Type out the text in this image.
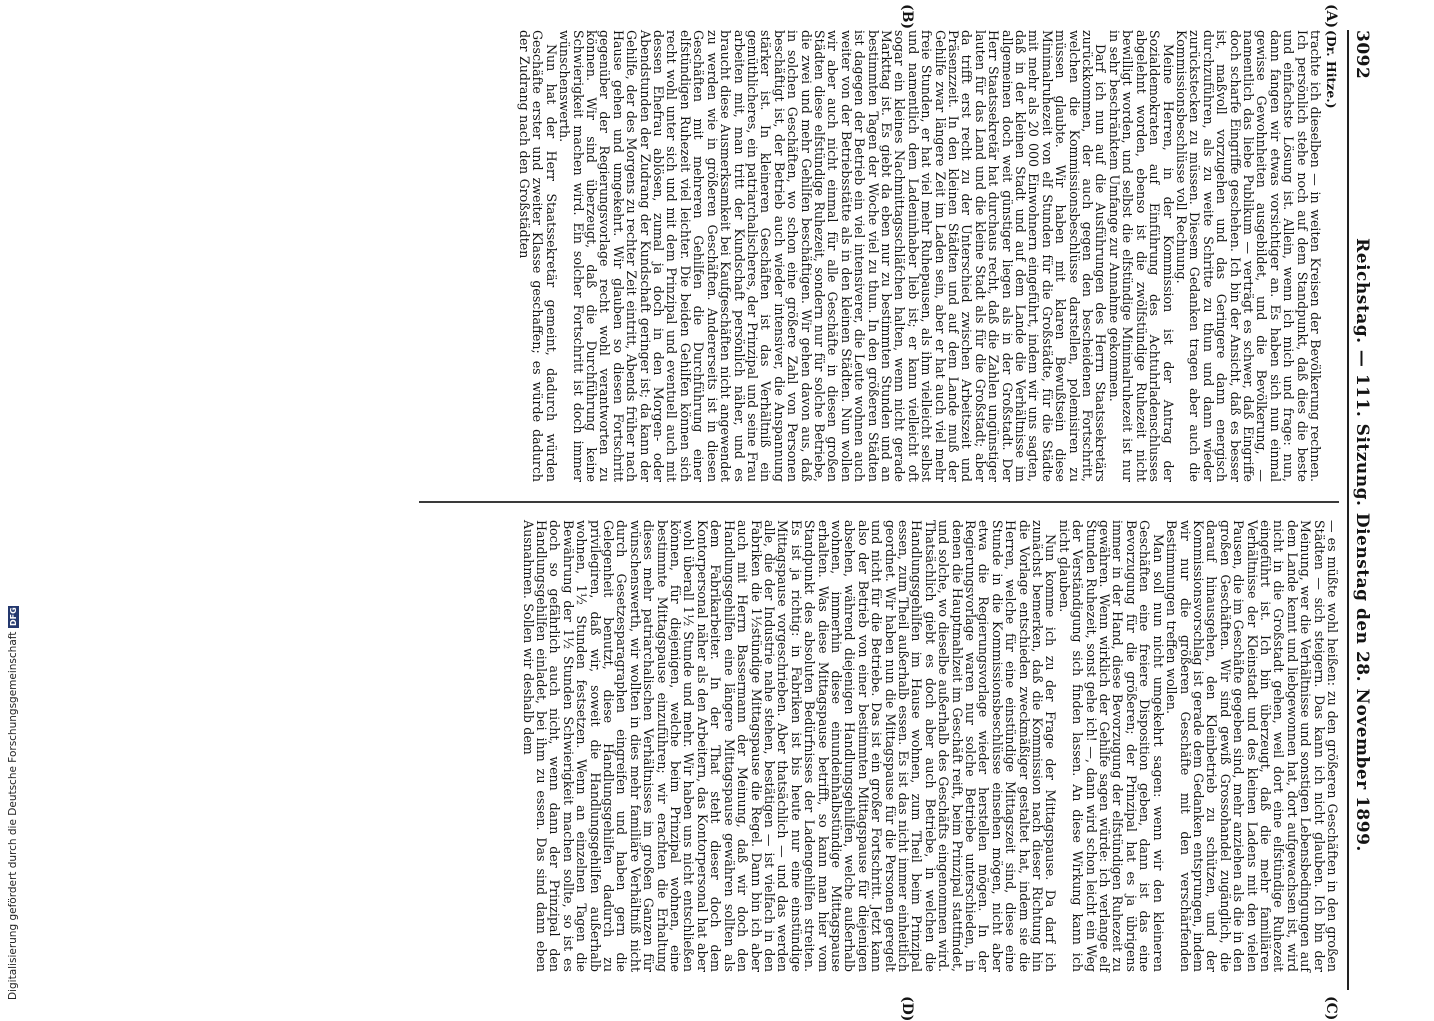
Digitalisierung gefördert durch die Deutsche Forschungsgemeinschaft
DFG
3092
Reichstag. — 111. Sitzung. Dienstag den 28. November 1899.
(A)
(B)
(C)
(D)
(Dr. Hitze.)

trachte ich dieselben — in weiten Kreisen der Bevölkerung rechnen. Ich persönlich stehe noch auf dem Standpunkt, daß dies die beste und einfachste Lösung ist. Allein, wenn ich mich und frage: nun, dann fangen wir etwas vorsichtiger an. Es haben sich nun einmal gewisse Gewohnheiten ausgebildet, und die Bevölkerung, — namentlich das liebe Publikum — verträgt es schwer, daß Eingriffe doch scharfe Eingriffe geschehen. Ich bin der Ansicht, daß es besser ist, maßvoll vorzugehen und das Geringere dann energisch durchzuführen, als zu weite Schritte zu thun und dann wieder zurückstecken zu müssen. Diesem Gedanken tragen aber auch die Kommissionsbeschlüsse voll Rechnung.

Meine Herren, in der Kommission ist der Antrag der Sozialdemokraten auf Einführung des Achtuhrladenschlusses abgelehnt worden, ebenso ist die zwölfstündige Ruhezeit nicht bewilligt worden, und selbst die elfstündige Minimalruhezeit ist nur in sehr beschränktem Umfange zur Annahme gekommen.

Darf ich nun auf die Ausführungen des Herrn Staatssekretärs zurückkommen, der auch gegen den bescheidenen Fortschritt, welchen die Kommissionsbeschlüsse darstellen, polemisiren zu müssen glaubte. Wir haben mit klaren Bewußtsein diese Minimalruhezeit von elf Stunden für die Großstädte, für die Städte mit mehr als 20 000 Einwohnern eingeführt, indem wir uns sagten, daß in der kleinen Stadt und auf dem Lande die Verhältnisse im allgemeinen doch weit günstiger liegen als in der Großstadt. Der Herr Staatssekretär hat durchaus recht, daß die Zahlen ungünstiger lauten für das Land und die kleine Stadt als für die Großstadt; aber da trifft erst recht zu der Unterschied zwischen Arbeitszeit und Präsenzzeit. In den kleinen Städten und auf dem Lande muß der Gehilfe zwar längere Zeit im Laden sein, aber er hat auch viel mehr freie Stunden, er hat viel mehr Ruhepausen, als ihm vielleicht selbst und namentlich dem Ladeninhaber lieb ist; er kann vielleicht oft sogar ein kleines Nachmittagsschläfchen halten, wenn nicht gerade Markttag ist. Es giebt da eben nur zu bestimmten Stunden und an bestimmten Tagen der Woche viel zu thun. In den größeren Städten ist dagegen der Betrieb ein viel intensiverer, die Leute wohnen auch weiter von der Betriebsstätte als in den kleinen Städten. Nun wollen wir aber auch nicht einmal für alle Geschäfte in diesen großen Städten diese elfstündige Ruhezeit, sondern nur für solche Betriebe, die zwei und mehr Gehilfen beschäftigen. Wir gehen davon aus, daß in solchen Geschäften, wo schon eine größere Zahl von Personen beschäftigt ist, der Betrieb auch wieder intensiver, die Anspannung stärker ist. In kleineren Geschäften ist das Verhältniß ein gemüthlicheres, ein patriarchalischeres, der Prinzipal und seine Frau arbeiten mit, man tritt der Kundschaft persönlich näher, und es braucht diese Ausmerksamkeit bei Kaufgeschäften nicht angewendet zu werden wie in größeren Geschäften. Andererseits ist in diesen Geschäften mit mehreren Gehilfen die Durchführung einer elfstündigen Ruhezeit viel leichter. Die beiden Gehilfen können sich recht wohl unter sich und mit dem Prinzipal und eventuell auch mit dessen Ehefrau ablösen, zumal ja doch in den Morgen- oder Abendstunden der Zudrang der Kundschaft geringer ist; da kann der Gehilfe, der des Morgens zu rechter Zeit eintritt, Abends früher nach Hause gehen und umgekehrt. Wir glauben so diesen Fortschritt gegenüber der Regierungsvorlage recht wohl verantworten zu können. Wir sind überzeugt, daß die Durchführung keine Schwierigkeit machen wird. Ein solcher Fortschritt ist doch immer wünschenswerth.

Nun hat der Herr Staatssekretär gemeint, dadurch würden Geschäfte erster und zweiter Klasse geschaffen; es würde dadurch der Zudrang nach den Großstädten

— es müßte wohl heißen: zu den größeren Geschäften in den großen Städten — sich steigern. Das kann ich nicht glauben. Ich bin der Meinung, wer die Verhältnisse und sonstigen Lebensbedingungen auf dem Lande kennt und liebgewonnen hat, dort aufgewachsen ist, wird nicht in die Großstadt gehen, weil dort eine elfstündige Ruhezeit eingeführt ist. Ich bin überzeugt, daß die mehr familiären Verhältnisse der Kleinstadt und des kleinen Ladens mit den vielen Pausen, die im Geschäfte gegeben sind, mehr anziehen als die in den großen Geschäften. Wir sind gewiß Grossohandel zugänglich, die darauf hinausgehen, den Kleinbetrieb zu schützen, und der Kommissionsvorschlag ist gerade dem Gedanken entsprungen, indem wir nur die größeren Geschäfte mit den verschärfenden Bestimmungen treffen wollen.

Man soll nun nicht umgekehrt sagen: wenn wir den kleineren Geschäften eine freiere Disposition geben, dann ist das eine Bevorzugung für die größeren; der Prinzipal hat es ja übrigens immer in der Hand, diese Bevorzugung der elfstündigen Ruhezeit zu gewähren. Wenn wirklich der Gehilfe sagen würde: ich verlange elf Stunden Ruhezeit, sonst gehe ich! —, dann wird schon leicht ein Weg der Verständigung sich finden lassen. An diese Wirkung kann ich nicht glauben.

Nun komme ich zu der Frage der Mittagspause. Da darf ich zunächst bemerken, daß die Kommission nach dieser Richtung hin die Vorlage entschieden zweckmäßiger gestaltet hat, indem sie die Herren, welche für eine einstündige Mittagszeit sind, diese eine Stunde in die Kommissionsbeschlüsse einsehen mögen, nicht aber etwa die Regierungsvorlage wieder herstellen mögen. In der Regierungsvorlage waren nur solche Betriebe unterschieden, in denen die Hauptmahlzeit im Geschäft reift, beim Prinzipal stattfindet, und solche, wo dieselbe außerhalb des Geschäfts eingenommen wird. Thatsächlich giebt es doch aber auch Betriebe, in welchen die Handlungsgehilfen im Hause wohnen, zum Theil beim Prinzipal essen, zum Theil außerhalb essen. Es ist das nicht immer einheitlich geordnet. Wir haben nun die Mittagspause für die Personen geregelt und nicht für die Betriebe. Das ist ein großer Fortschritt. Jetzt kann also der Betrieb von einer bestimmten Mittagspause für diejenigen absehen, während diejenigen Handlungsgehilfen, welche außerhalb wohnen, immerhin diese einundeinhalbstündige Mittagspause erhalten. Was diese Mittagspause betrifft, so kann man hier vom Standpunkt des absoluten Bedürfnisses der Ladengehilfen streiten. Es ist ja richtig: in Fabriken ist bis heute nur eine einstündige Mittagspause vorgeschrieben. Aber thatsächlich — und das werden alle, die der Industrie nahe stehen, bestätigen — ist vielfach in den Fabriken die 1½stündige Mittagspause die Regel. Dann bin ich aber auch mit Herrn Bassermann der Meinung, daß wir doch den Handlungsgehilfen eine längere Mittagspause gewähren sollten als dem Fabrikarbeiter. In der That steht dieser doch dem Kontorpersonal näher als den Arbeitern, das Kontorpersonal hat aber wohl überall 1½ Stunde und mehr. Wir haben uns nicht entschließen können, für diejenigen, welche beim Prinzipal wohnen, eine bestimmte Mittagspause einzuführen; wir erachten die Erhaltung dieses mehr patriarchalischen Verhältnisses im großen Ganzen für wünschenswerth, wir wollten in dies mehr familiäre Verhältniß nicht durch Gesetzesparagraphen eingreifen und haben gern die Gelegenheit benutzt, diese Handlungsgehilfen dadurch zu privilegiren, daß wir, soweit die Handlungsgehilfen außerhalb wohnen, 1½ Stunden festsetzen. Wenn an einzelnen Tagen die Bewährung der 1½ Stunden Schwierigkeit machen sollte, so ist es doch so gefährlich auch nicht, wenn dann der Prinzipal den Handlungsgehilfen einladet, bei ihm zu essen. Das sind dann eben Ausnahmen. Sollen wir deshalb dem
